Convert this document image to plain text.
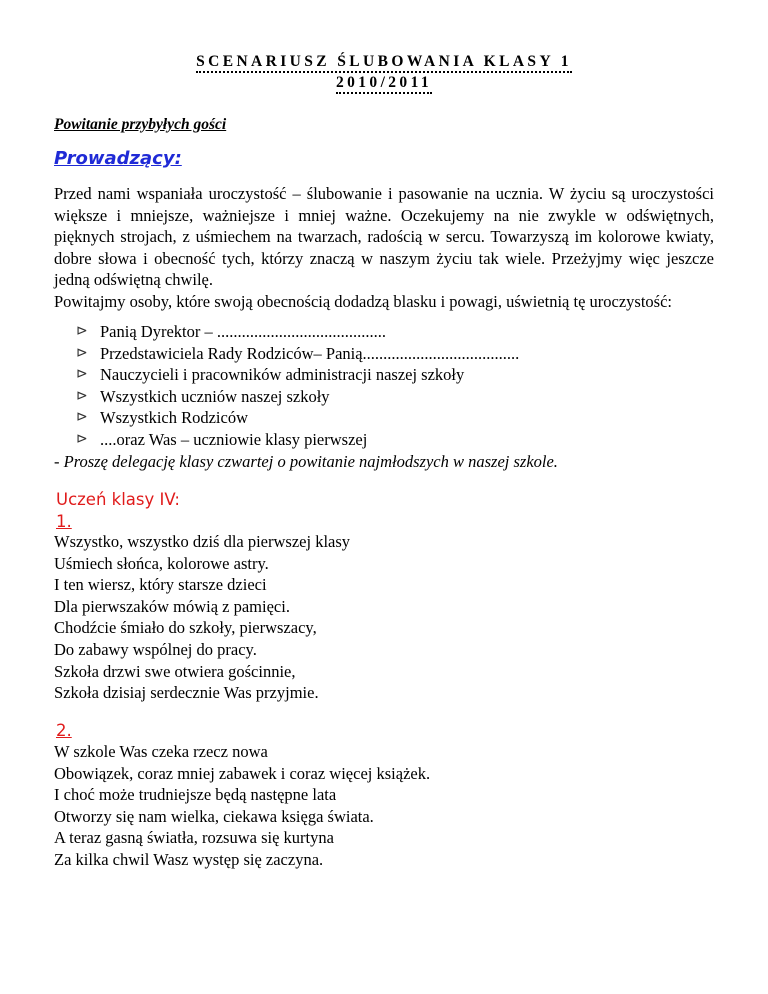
SCENARIUSZ ŚLUBOWANIA KLASY 1
2010/2011
Powitanie przybyłych gości
Prowadzący:

Przed nami wspaniała uroczystość – ślubowanie i pasowanie na ucznia. W życiu są uroczystości większe i mniejsze, ważniejsze i mniej ważne. Oczekujemy na nie zwykle w odświętnych, pięknych strojach, z uśmiechem na twarzach, radością w sercu. Towarzyszą im kolorowe kwiaty, dobre słowa i obecność tych, którzy znaczą w naszym życiu tak wiele. Przeżyjmy więc jeszcze jedną odświętną chwilę.

Powitajmy osoby, które swoją obecnością dodadzą blasku i powagi, uświetnią tę uroczystość:

⊳ Panią Dyrektor – .........................................
⊳ Przedstawiciela Rady Rodziców– Panią......................................
⊳ Nauczycieli i pracowników administracji naszej szkoły
⊳ Wszystkich uczniów naszej szkoły
⊳ Wszystkich Rodziców
⊳ ....oraz Was – uczniowie klasy pierwszej
- Proszę delegację klasy czwartej o powitanie najmłodszych w naszej szkole.
Uczeń klasy IV:
1.
Wszystko, wszystko dziś dla pierwszej klasy
Uśmiech słońca, kolorowe astry.
I ten wiersz, który starsze dzieci
Dla pierwszaków mówią z pamięci.
Chodźcie śmiało do szkoły, pierwszacy,
Do zabawy wspólnej do pracy.
Szkoła drzwi swe otwiera gościnnie,
Szkoła dzisiaj serdecznie Was przyjmie.
2.
W szkole Was czeka rzecz nowa
Obowiązek, coraz mniej zabawek i coraz więcej książek.
I choć może trudniejsze będą następne lata
Otworzy się nam wielka, ciekawa księga świata.
A teraz gasną światła, rozsuwa się kurtyna
Za kilka chwil Wasz występ się zaczyna.
